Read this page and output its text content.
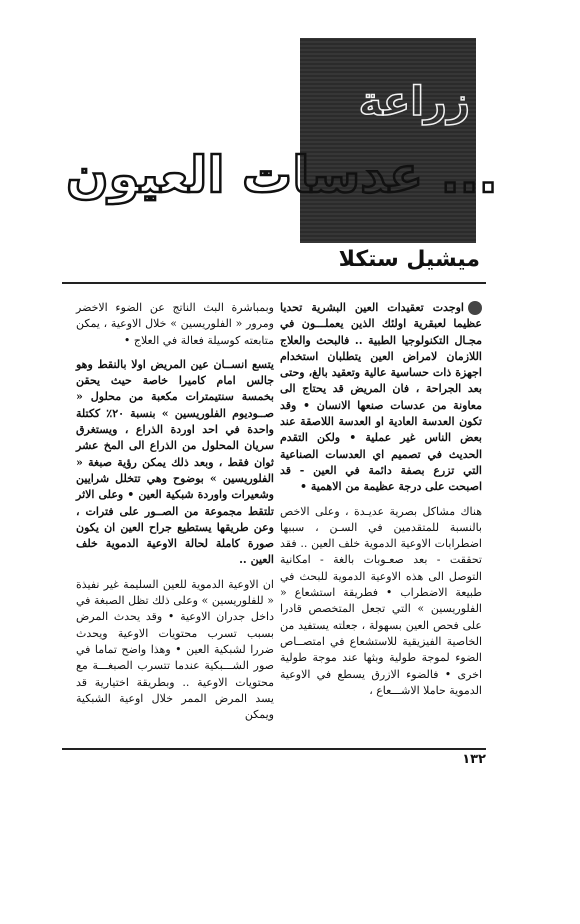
زراعة
عدسات العيون ...
ميشيل ستكلا

اوجدت تعقيدات العين البشرية تحديا عظيما لعبقرية اولئك الذين يعملـــون في مجـال التكنولوجيا الطبية .. فالبحث والعلاج اللازمان لامراض العين يتطلبان استخدام اجهزة ذات حساسية عالية وتعقيد بالغ، وحتى بعد الجراحة ، فان المريض قد يحتاج الى معاونة من عدسات صنعها الانسان • وقد تكون العدسة العادية او العدسة اللاصقة عند بعض الناس غير عملية • ولكن التقدم الحديث في تصميم اي العدسات الصناعية التي تزرع بصفة دائمة في العين - قد اصبحت على درجة عظيمة من الاهمية •

هناك مشاكل بصرية عديـدة ، وعلى الاخص بالنسبة للمتقدمين في السـن ، سببها اضطرابات الاوعية الدموية خلف العين .. فقد تحققت - بعد صعـوبات بالغة - امكانية التوصل الى هذه الاوعية الدموية للبحث في طبيعة الاضطراب • فطريقة استشعاع « الفلوريسين » التي تجعل المتخصص قادرا على فحص العين بسهولة ، جعلته يستفيد من الخاصية الفيزيقية للاستشعاع في امتصــاص الضوء لموجة طولية وبثها عند موجة طولية اخرى • فالضوء الازرق يسطع في الاوعية الدموية حاملا الاشـــعاع ،

وبمباشرة البث الناتج عن الضوء الاخضر ومرور « الفلوريسين » خلال الاوعية ، يمكن متابعته كوسيلة فعالة في العلاج •

يتسع انســان عين المريض اولا بالنقط وهو جالس امام كاميرا خاصة حيث يحقن بخمسة سنتيمترات مكعبة من محلول « صــوديوم الفلوريسين » بنسبة ٢٠٪ ككتلة واحدة في احد اوردة الذراع ، ويستغرق سريان المحلول من الذراع الى المخ عشر ثوان فقط ، وبعد ذلك يمكن رؤية صبغة « الفلوريسين » بوضوح وهي تتخلل شرايين وشعيرات واوردة شبكية العين • وعلى الاثر تلتقط مجموعة من الصــور على فترات ، وعن طريقها يستطيع جراح العين ان يكون صورة كاملة لحالة الاوعية الدموية خلف العين ..

ان الاوعية الدموية للعين السليمة غير نفيذة « للفلوريسين » وعلى ذلك تظل الصبغة في داخل جدران الاوعية • وقد يحدث المرض بسبب تسرب محتويات الاوعية ويحدث ضررا لشبكية العين • وهذا واضح تماما في صور الشـــبكية عندما تتسرب الصبغـــة مع محتويات الاوعية .. وبطريقة اختيارية قد يسد المرض الممر خلال اوعية الشبكية ويمكن

١٣٢
